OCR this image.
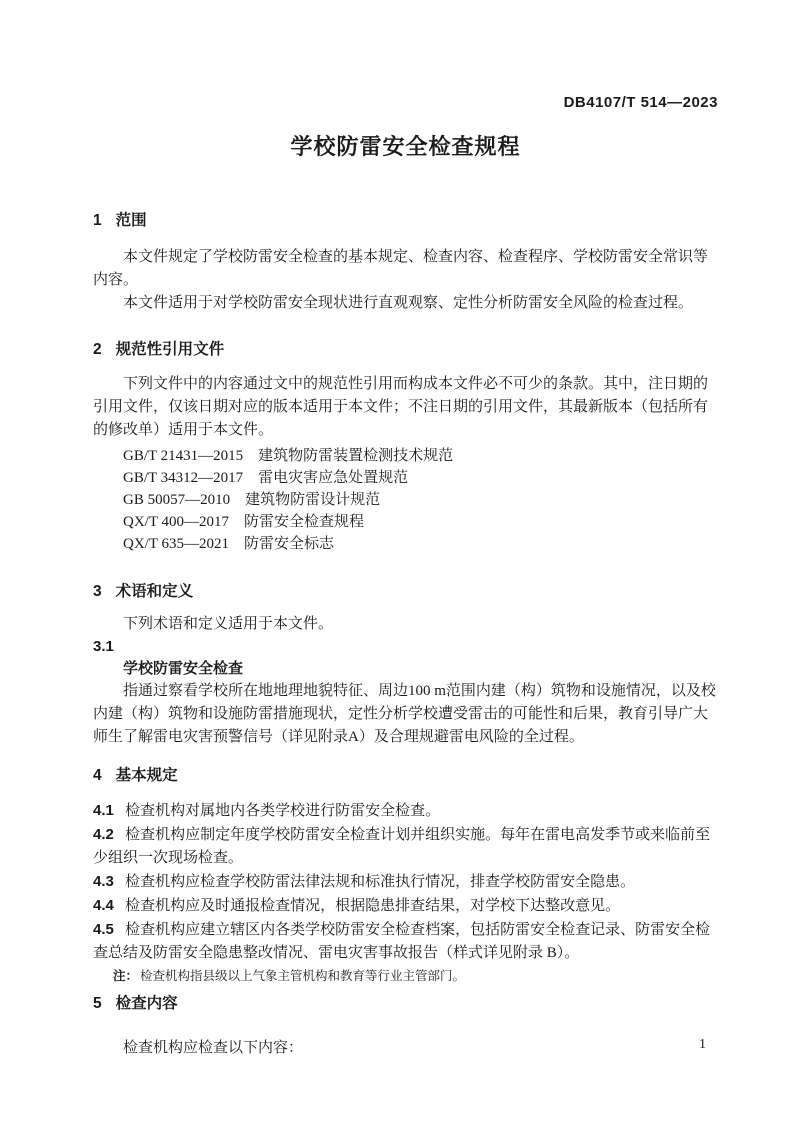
DB4107/T 514—2023
学校防雷安全检查规程
1 范围

本文件规定了学校防雷安全检查的基本规定、检查内容、检查程序、学校防雷安全常识等内容。

本文件适用于对学校防雷安全现状进行直观观察、定性分析防雷安全风险的检查过程。

2 规范性引用文件

下列文件中的内容通过文中的规范性引用而构成本文件必不可少的条款。其中，注日期的引用文件，仅该日期对应的版本适用于本文件；不注日期的引用文件，其最新版本（包括所有的修改单）适用于本文件。

GB/T 21431—2015　建筑物防雷装置检测技术规范

GB/T 34312—2017　雷电灾害应急处置规范

GB 50057—2010　建筑物防雷设计规范

QX/T 400—2017　防雷安全检查规程

QX/T 635—2021　防雷安全标志

3 术语和定义

下列术语和定义适用于本文件。

3.1

学校防雷安全检查

指通过察看学校所在地地理地貌特征、周边100 m范围内建（构）筑物和设施情况，以及校内建（构）筑物和设施防雷措施现状，定性分析学校遭受雷击的可能性和后果，教育引导广大师生了解雷电灾害预警信号（详见附录A）及合理规避雷电风险的全过程。

4 基本规定

4.1 检查机构对属地内各类学校进行防雷安全检查。

4.2 检查机构应制定年度学校防雷安全检查计划并组织实施。每年在雷电高发季节或来临前至少组织一次现场检查。

4.3 检查机构应检查学校防雷法律法规和标准执行情况，排查学校防雷安全隐患。

4.4 检查机构应及时通报检查情况，根据隐患排查结果，对学校下达整改意见。

4.5 检查机构应建立辖区内各类学校防雷安全检查档案，包括防雷安全检查记录、防雷安全检查总结及防雷安全隐患整改情况、雷电灾害事故报告（样式详见附录 B）。

注： 检查机构指县级以上气象主管机构和教育等行业主管部门。

5 检查内容

检查机构应检查以下内容：	1
